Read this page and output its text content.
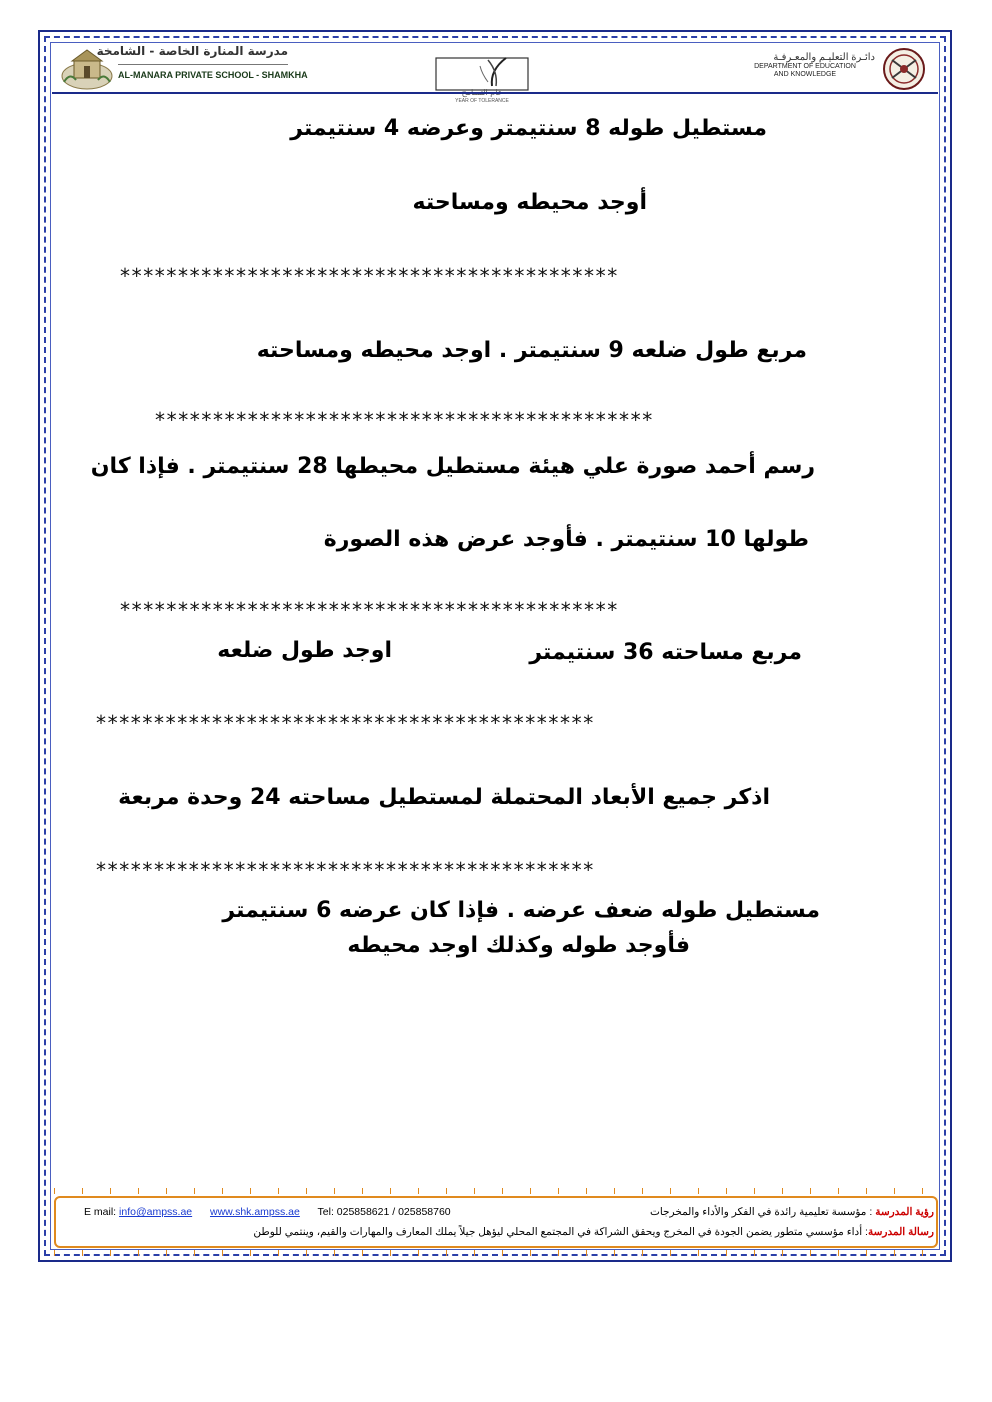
مدرسة المنارة الخاصة - الشامخة
AL-MANARA PRIVATE SCHOOL - SHAMKHA
عام التسامح
YEAR OF TOLERANCE
دائـرة التعليـم والمعـرفـة
DEPARTMENT OF EDUCATION
AND KNOWLEDGE
مستطيل طوله 8 سنتيمتر وعرضه 4 سنتيمتر
أوجد محيطه ومساحته
*******************************************
مربع طول ضلعه 9 سنتيمتر . اوجد محيطه ومساحته
*******************************************
رسم أحمد صورة علي هيئة مستطيل محيطها 28 سنتيمتر . فإذا كان
طولها 10 سنتيمتر . فأوجد عرض هذه الصورة
*******************************************
مربع مساحته 36 سنتيمتر
اوجد طول ضلعه
*******************************************
اذكر جميع الأبعاد المحتملة لمستطيل مساحته 24 وحدة مربعة
*******************************************
مستطيل طوله ضعف عرضه . فإذا كان عرضه 6 سنتيمتر
فأوجد طوله وكذلك اوجد محيطه
E mail: info@ampss.ae www.shk.ampss.ae Tel: 025858621 / 025858760	رؤية المدرسة : مؤسسة تعليمية رائدة في الفكر والأداء والمخرجات
رسالة المدرسة: أداء مؤسسي متطور يضمن الجودة في المخرج ويحقق الشراكة في المجتمع المحلي ليؤهل جيلاً يملك المعارف والمهارات والقيم، وينتمي للوطن
